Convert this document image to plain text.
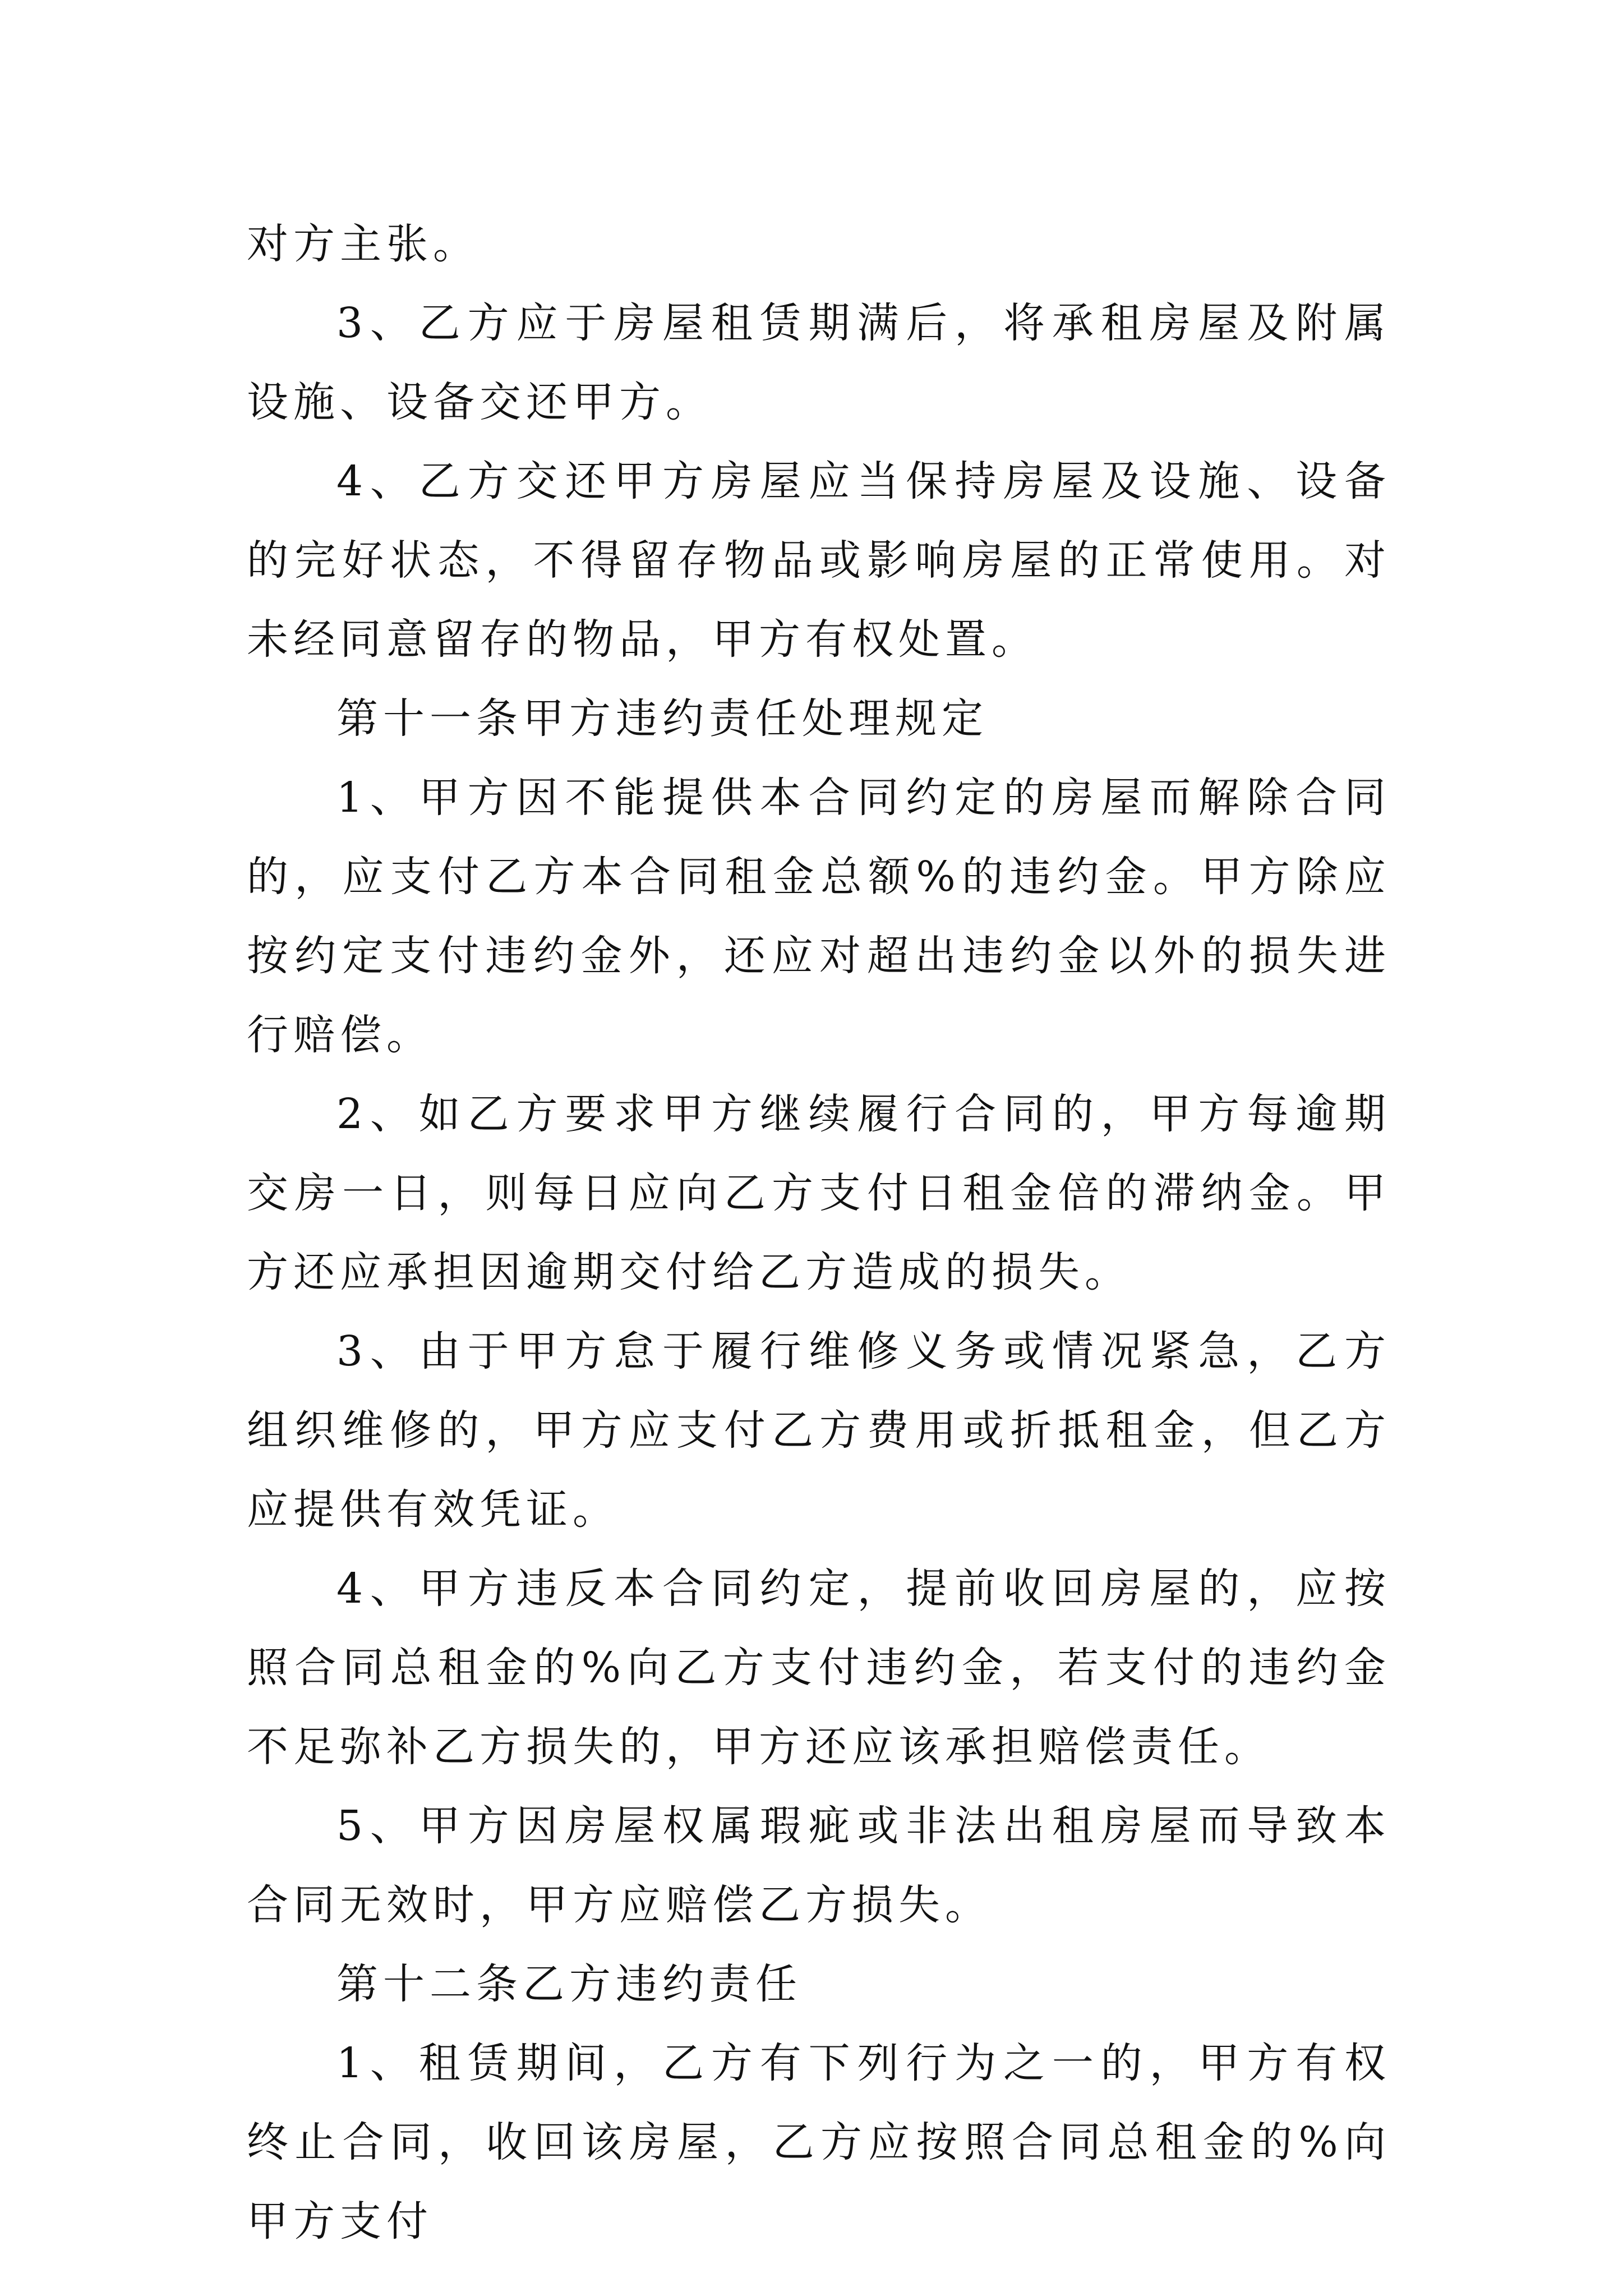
对方主张。

3、乙方应于房屋租赁期满后，将承租房屋及附属设施、设备交还甲方。

4、乙方交还甲方房屋应当保持房屋及设施、设备的完好状态，不得留存物品或影响房屋的正常使用。对未经同意留存的物品，甲方有权处置。

第十一条甲方违约责任处理规定

1、甲方因不能提供本合同约定的房屋而解除合同的，应支付乙方本合同租金总额%的违约金。甲方除应按约定支付违约金外，还应对超出违约金以外的损失进行赔偿。

2、如乙方要求甲方继续履行合同的，甲方每逾期交房一日，则每日应向乙方支付日租金倍的滞纳金。甲方还应承担因逾期交付给乙方造成的损失。

3、由于甲方怠于履行维修义务或情况紧急，乙方组织维修的，甲方应支付乙方费用或折抵租金，但乙方应提供有效凭证。

4、甲方违反本合同约定，提前收回房屋的，应按照合同总租金的%向乙方支付违约金，若支付的违约金不足弥补乙方损失的，甲方还应该承担赔偿责任。

5、甲方因房屋权属瑕疵或非法出租房屋而导致本合同无效时，甲方应赔偿乙方损失。

第十二条乙方违约责任

1、租赁期间，乙方有下列行为之一的，甲方有权终止合同，收回该房屋，乙方应按照合同总租金的%向甲方支付
